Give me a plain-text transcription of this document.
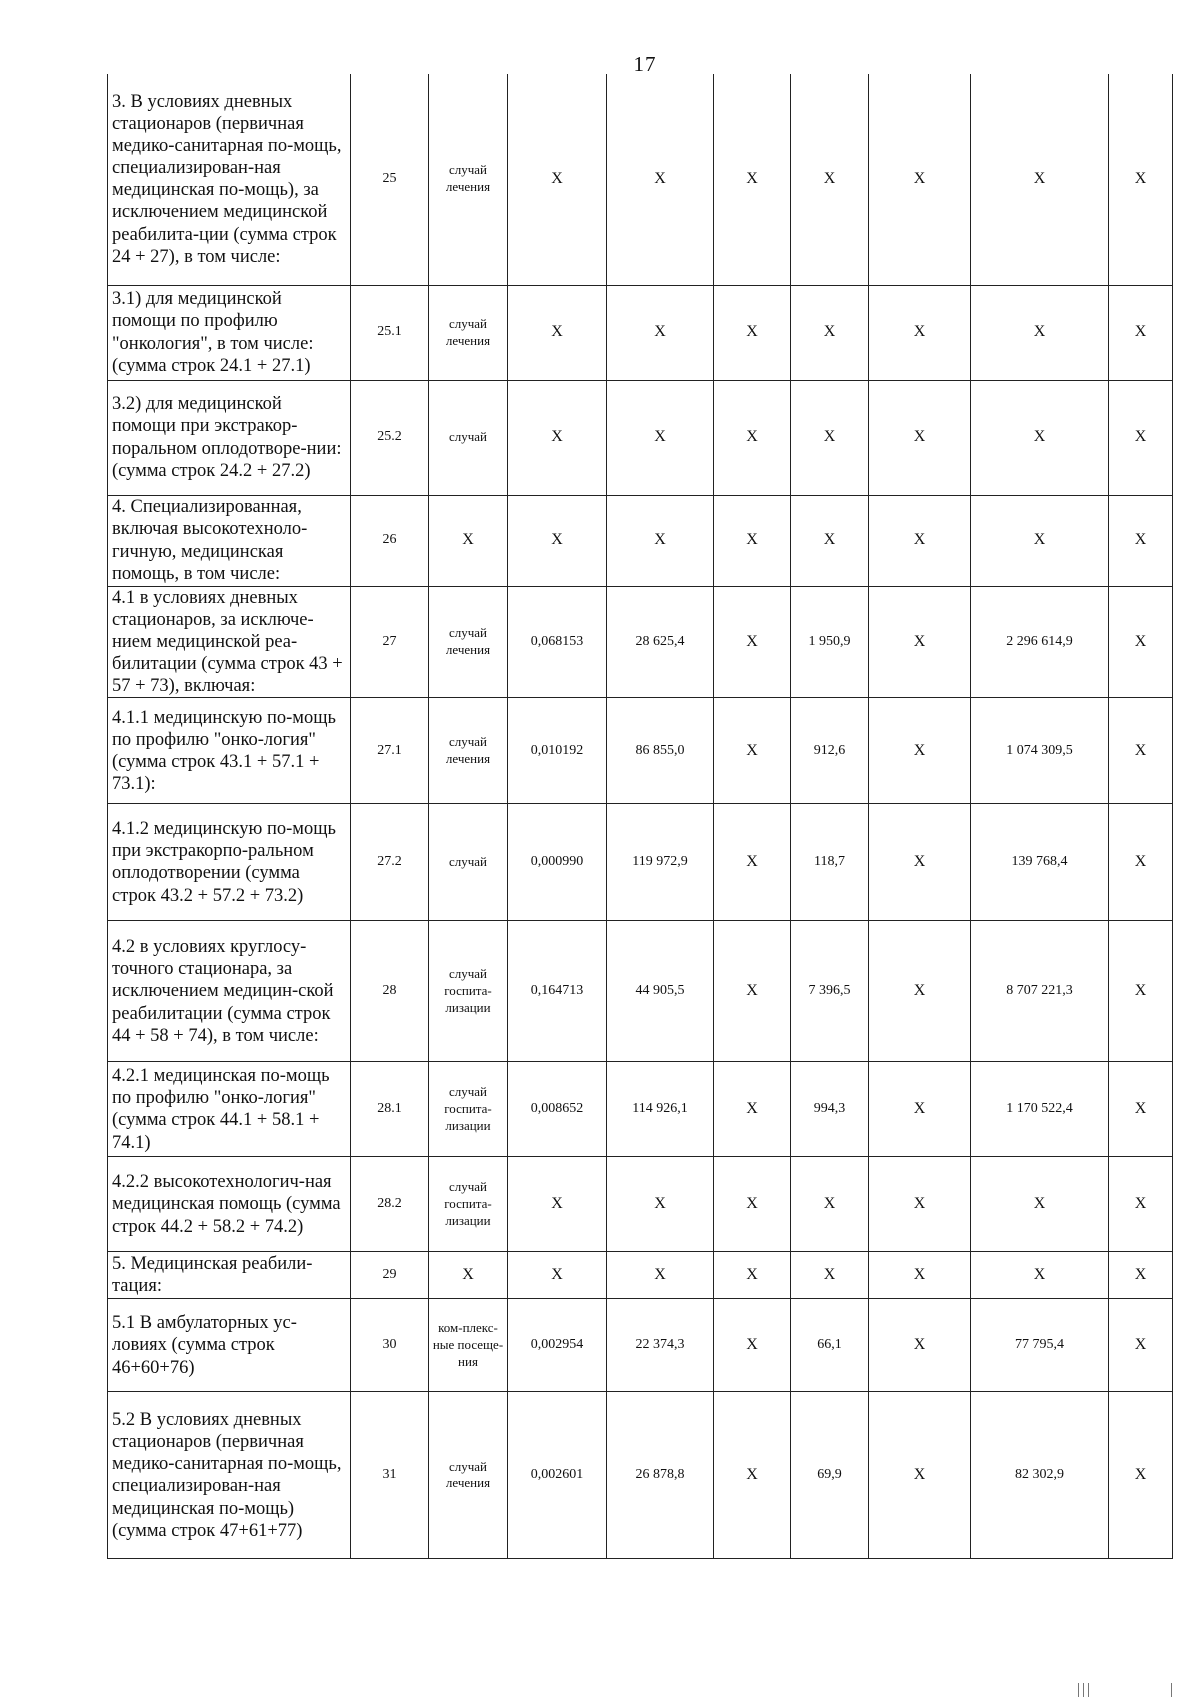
17
3. В условиях дневных стационаров (первичная медико-санитарная по-мощь, специализирован-ная медицинская по-мощь), за исключением медицинской реабилита-ции (сумма строк 24 + 27), в том числе:	25	случай лечения	Х	Х	Х	Х	Х	Х	Х
3.1) для медицинской помощи по профилю "онкология", в том числе: (сумма строк 24.1 + 27.1)	25.1	случай лечения	Х	Х	Х	Х	Х	Х	Х
3.2) для медицинской помощи при экстракор-поральном оплодотворе-нии: (сумма строк 24.2 + 27.2)	25.2	случай	Х	Х	Х	Х	Х	Х	Х
4. Специализированная, включая высокотехноло-гичную, медицинская помощь, в том числе:	26	Х	Х	Х	Х	Х	Х	Х	Х
4.1 в условиях дневных стационаров, за исключе-нием медицинской реа-билитации (сумма строк 43 + 57 + 73), включая:	27	случай лечения	0,068153	28 625,4	Х	1 950,9	Х	2 296 614,9	Х
4.1.1 медицинскую по-мощь по профилю "онко-логия" (сумма строк 43.1 + 57.1 + 73.1):	27.1	случай лечения	0,010192	86 855,0	Х	912,6	Х	1 074 309,5	Х
4.1.2 медицинскую по-мощь при экстракорпо-ральном оплодотворении (сумма строк 43.2 + 57.2 + 73.2)	27.2	случай	0,000990	119 972,9	Х	118,7	Х	139 768,4	Х
4.2 в условиях круглосу-точного стационара, за исключением медицин-ской реабилитации (сумма строк 44 + 58 + 74), в том числе:	28	случай госпита-лизации	0,164713	44 905,5	Х	7 396,5	Х	8 707 221,3	Х
4.2.1 медицинская по-мощь по профилю "онко-логия" (сумма строк 44.1 + 58.1 + 74.1)	28.1	случай госпита-лизации	0,008652	114 926,1	Х	994,3	Х	1 170 522,4	Х
4.2.2 высокотехнологич-ная медицинская помощь (сумма строк 44.2 + 58.2 + 74.2)	28.2	случай госпита-лизации	Х	Х	Х	Х	Х	Х	Х
5. Медицинская реабили-тация:	29	Х	Х	Х	Х	Х	Х	Х	Х
5.1 В амбулаторных ус-ловиях (сумма строк 46+60+76)	30	ком-плекс-ные посеще-ния	0,002954	22 374,3	Х	66,1	Х	77 795,4	Х
5.2 В условиях дневных стационаров (первичная медико-санитарная по-мощь, специализирован-ная медицинская по-мощь) (сумма строк 47+61+77)	31	случай лечения	0,002601	26 878,8	Х	69,9	Х	82 302,9	Х
